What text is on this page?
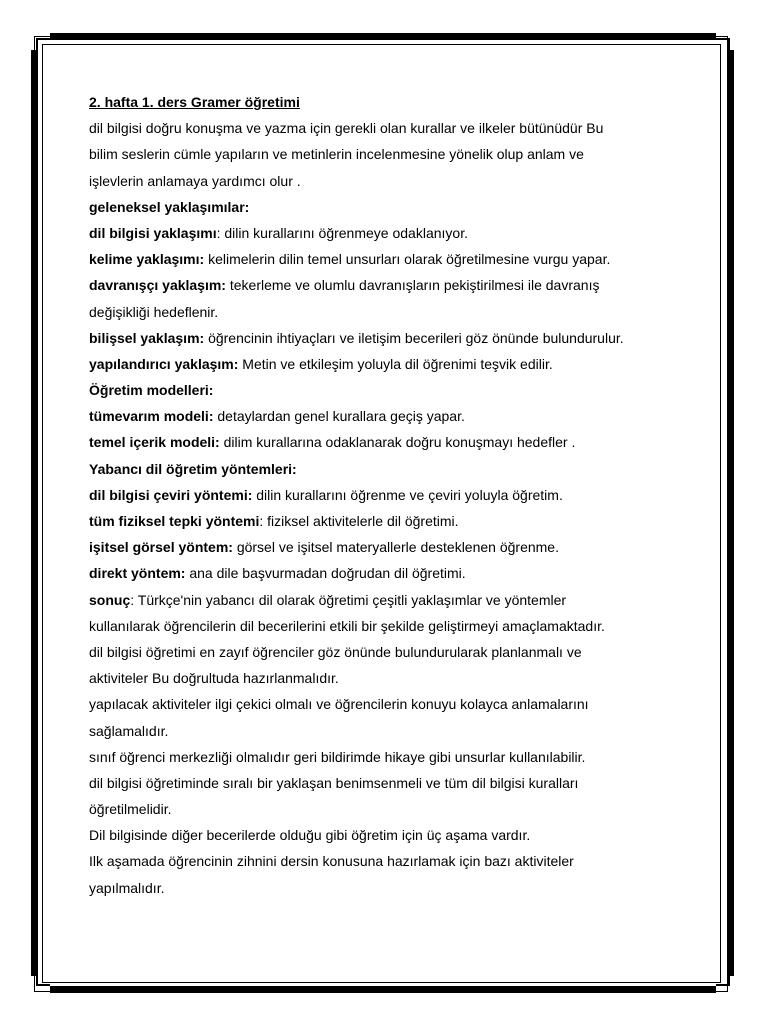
2. hafta 1. ders Gramer öğretimi
dil bilgisi doğru konuşma ve yazma için gerekli olan kurallar ve ilkeler bütünüdür Bu
bilim seslerin cümle yapıların ve metinlerin incelenmesine yönelik olup anlam ve
işlevlerin anlamaya yardımcı olur .
geleneksel yaklaşımılar:
dil bilgisi yaklaşımı: dilin kurallarını öğrenmeye odaklanıyor.
kelime yaklaşımı: kelimelerin dilin temel unsurları olarak öğretilmesine vurgu yapar.
davranışçı yaklaşım: tekerleme ve olumlu davranışların pekiştirilmesi ile davranış
değişikliği hedeflenir.
bilişsel yaklaşım: öğrencinin ihtiyaçları ve iletişim becerileri göz önünde bulundurulur.
yapılandırıcı yaklaşım: Metin ve etkileşim yoluyla dil öğrenimi teşvik edilir.
Öğretim modelleri:
tümevarım modeli: detaylardan genel kurallara geçiş yapar.
temel içerik modeli: dilim kurallarına odaklanarak doğru konuşmayı hedefler .
Yabancı dil öğretim yöntemleri:
dil bilgisi çeviri yöntemi: dilin kurallarını öğrenme ve çeviri yoluyla öğretim.
tüm fiziksel tepki yöntemi: fiziksel aktivitelerle dil öğretimi.
işitsel görsel yöntem: görsel ve işitsel materyallerle desteklenen öğrenme.
direkt yöntem: ana dile başvurmadan doğrudan dil öğretimi.
sonuç: Türkçe'nin yabancı dil olarak öğretimi çeşitli yaklaşımlar ve yöntemler
kullanılarak öğrencilerin dil becerilerini etkili bir şekilde geliştirmeyi amaçlamaktadır.
dil bilgisi öğretimi en zayıf öğrenciler göz önünde bulundurularak planlanmalı ve
aktiviteler Bu doğrultuda hazırlanmalıdır.
yapılacak aktiviteler ilgi çekici olmalı ve öğrencilerin konuyu kolayca anlamalarını
sağlamalıdır.
sınıf öğrenci merkezliği olmalıdır geri bildirimde hikaye gibi unsurlar kullanılabilir.
dil bilgisi öğretiminde sıralı bir yaklaşan benimsenmeli ve tüm dil bilgisi kuralları
öğretilmelidir.
Dil bilgisinde diğer becerilerde olduğu gibi öğretim için üç aşama vardır.
Ilk aşamada öğrencinin zihnini dersin konusuna hazırlamak için bazı aktiviteler
yapılmalıdır.
